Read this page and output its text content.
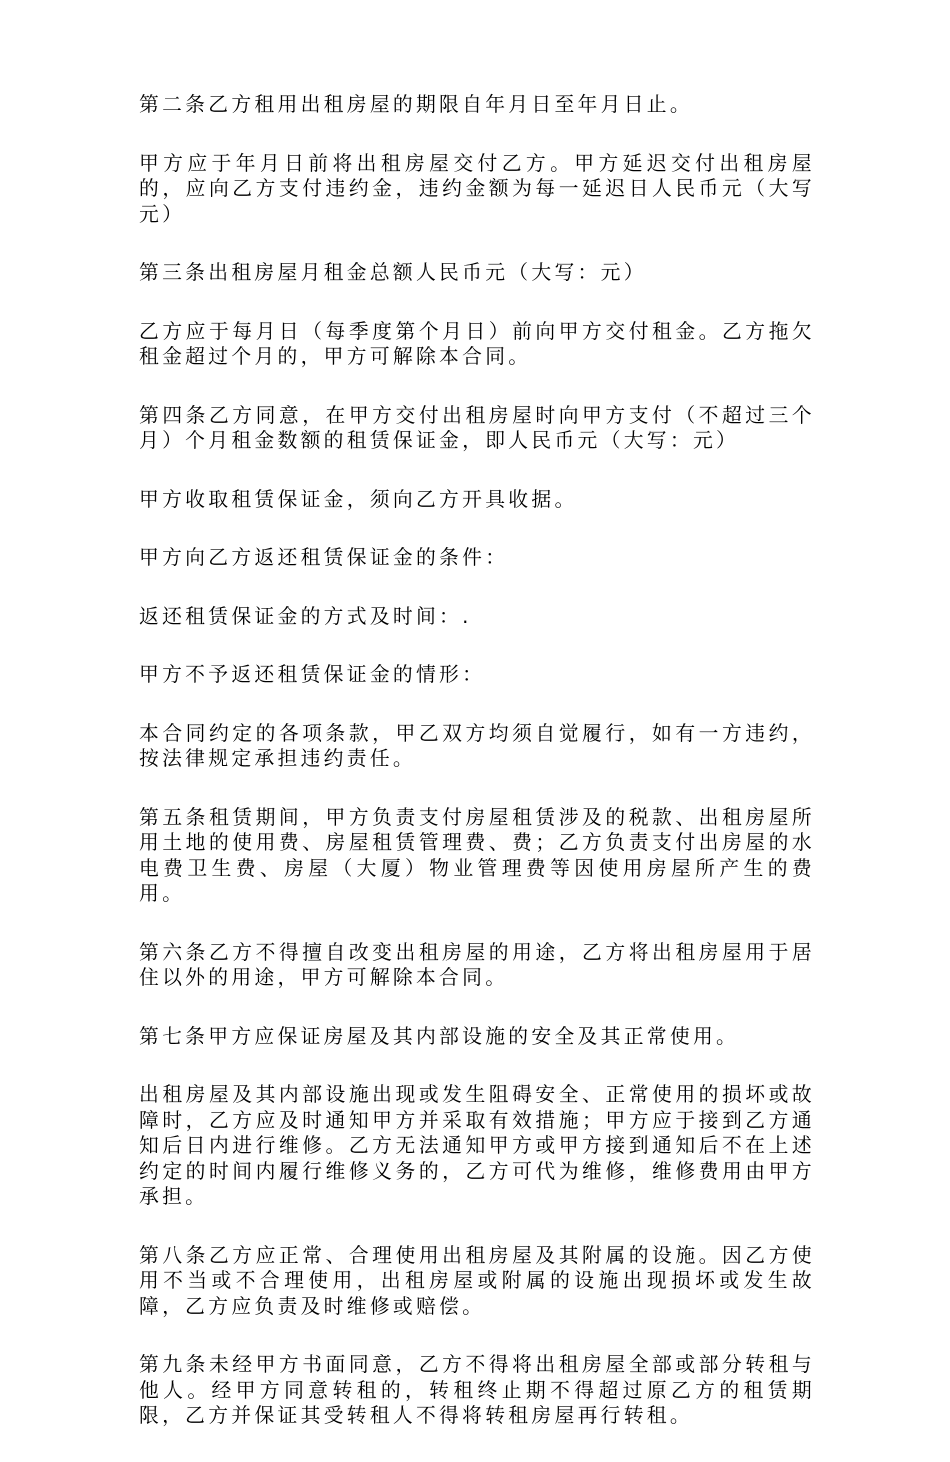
第二条乙方租用出租房屋的期限自年月日至年月日止。

甲方应于年月日前将出租房屋交付乙方。甲方延迟交付出租房屋的，应向乙方支付违约金，违约金额为每一延迟日人民币元（大写元）

第三条出租房屋月租金总额人民币元（大写：元）

乙方应于每月日（每季度第个月日）前向甲方交付租金。乙方拖欠租金超过个月的，甲方可解除本合同。

第四条乙方同意，在甲方交付出租房屋时向甲方支付（不超过三个月）个月租金数额的租赁保证金，即人民币元（大写：元）

甲方收取租赁保证金，须向乙方开具收据。

甲方向乙方返还租赁保证金的条件：

返还租赁保证金的方式及时间：.

甲方不予返还租赁保证金的情形：

本合同约定的各项条款，甲乙双方均须自觉履行，如有一方违约，按法律规定承担违约责任。

第五条租赁期间，甲方负责支付房屋租赁涉及的税款、出租房屋所用土地的使用费、房屋租赁管理费、费；乙方负责支付出房屋的水电费卫生费、房屋（大厦）物业管理费等因使用房屋所产生的费用。

第六条乙方不得擅自改变出租房屋的用途，乙方将出租房屋用于居住以外的用途，甲方可解除本合同。

第七条甲方应保证房屋及其内部设施的安全及其正常使用。

出租房屋及其内部设施出现或发生阻碍安全、正常使用的损坏或故障时，乙方应及时通知甲方并采取有效措施；甲方应于接到乙方通知后日内进行维修。乙方无法通知甲方或甲方接到通知后不在上述约定的时间内履行维修义务的，乙方可代为维修，维修费用由甲方承担。

第八条乙方应正常、合理使用出租房屋及其附属的设施。因乙方使用不当或不合理使用，出租房屋或附属的设施出现损坏或发生故障，乙方应负责及时维修或赔偿。

第九条未经甲方书面同意，乙方不得将出租房屋全部或部分转租与他人。经甲方同意转租的，转租终止期不得超过原乙方的租赁期限，乙方并保证其受转租人不得将转租房屋再行转租。
